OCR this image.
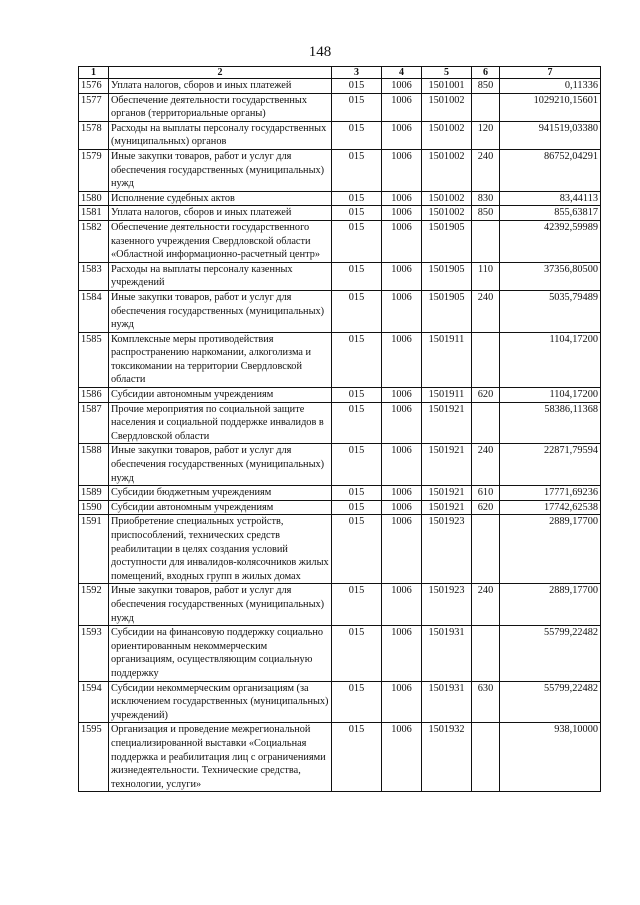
148
1	2	3	4	5	6	7
1576	Уплата налогов, сборов и иных платежей	015	1006	1501001	850	0,11336
1577	Обеспечение деятельности государственных органов (территориальные органы)	015	1006	1501002		1029210,15601
1578	Расходы на выплаты персоналу государственных (муниципальных) органов	015	1006	1501002	120	941519,03380
1579	Иные закупки товаров, работ и услуг для обеспечения государственных (муниципальных) нужд	015	1006	1501002	240	86752,04291
1580	Исполнение судебных актов	015	1006	1501002	830	83,44113
1581	Уплата налогов, сборов и иных платежей	015	1006	1501002	850	855,63817
1582	Обеспечение деятельности государственного казенного учреждения Свердловской области «Областной информационно-расчетный центр»	015	1006	1501905		42392,59989
1583	Расходы на выплаты персоналу казенных учреждений	015	1006	1501905	110	37356,80500
1584	Иные закупки товаров, работ и услуг для обеспечения государственных (муниципальных) нужд	015	1006	1501905	240	5035,79489
1585	Комплексные меры противодействия распространению наркомании, алкоголизма и токсикомании на территории Свердловской области	015	1006	1501911		1104,17200
1586	Субсидии автономным учреждениям	015	1006	1501911	620	1104,17200
1587	Прочие мероприятия по социальной защите населения и социальной поддержке инвалидов в Свердловской области	015	1006	1501921		58386,11368
1588	Иные закупки товаров, работ и услуг для обеспечения государственных (муниципальных) нужд	015	1006	1501921	240	22871,79594
1589	Субсидии бюджетным учреждениям	015	1006	1501921	610	17771,69236
1590	Субсидии автономным учреждениям	015	1006	1501921	620	17742,62538
1591	Приобретение специальных устройств, приспособлений, технических средств реабилитации в целях создания условий доступности для инвалидов-колясочников жилых помещений, входных групп в жилых домах	015	1006	1501923		2889,17700
1592	Иные закупки товаров, работ и услуг для обеспечения государственных (муниципальных) нужд	015	1006	1501923	240	2889,17700
1593	Субсидии на финансовую поддержку социально ориентированным некоммерческим организациям, осуществляющим социальную поддержку	015	1006	1501931		55799,22482
1594	Субсидии некоммерческим организациям (за исключением государственных (муниципальных) учреждений)	015	1006	1501931	630	55799,22482
1595	Организация и проведение межрегиональной специализированной выставки «Социальная поддержка и реабилитация лиц с ограничениями жизнедеятельности. Технические средства, технологии, услуги»	015	1006	1501932		938,10000
